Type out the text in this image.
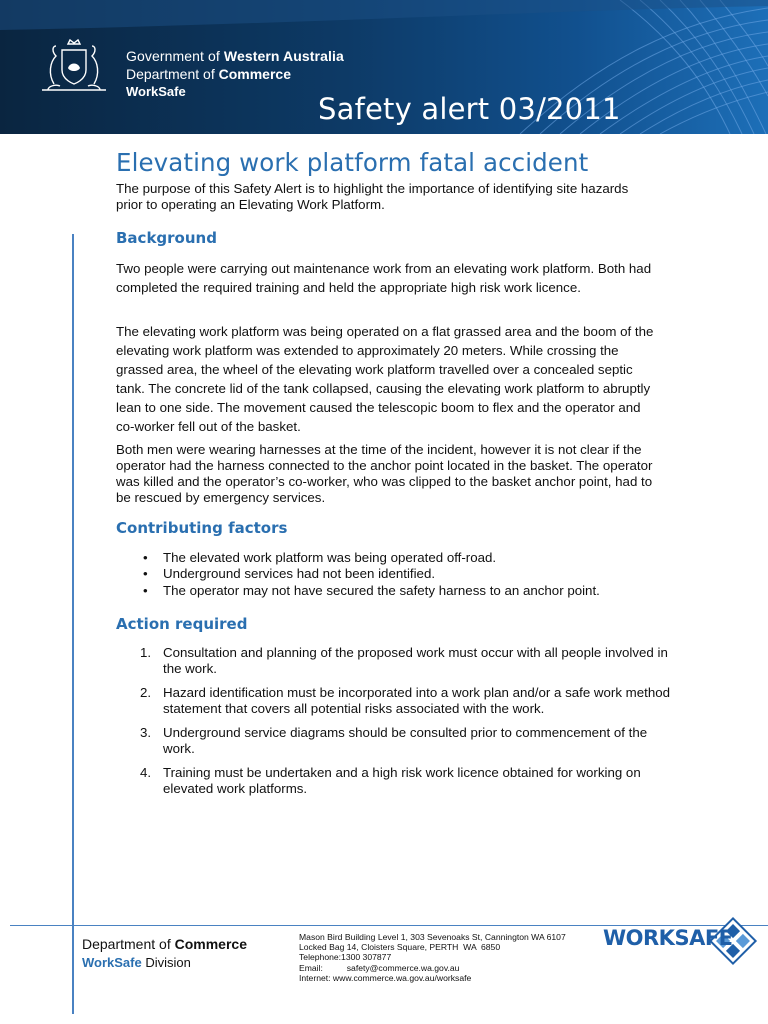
Government of Western Australia
Department of Commerce
WorkSafe
Safety alert 03/2011
Elevating work platform fatal accident

The purpose of this Safety Alert is to highlight the importance of identifying site hazards prior to operating an Elevating Work Platform.

Background

Two people were carrying out maintenance work from an elevating work platform. Both had completed the required training and held the appropriate high risk work licence.

The elevating work platform was being operated on a flat grassed area and the boom of the elevating work platform was extended to approximately 20 meters. While crossing the grassed area, the wheel of the elevating work platform travelled over a concealed septic tank. The concrete lid of the tank collapsed, causing the elevating work platform to abruptly lean to one side. The movement caused the telescopic boom to flex and the operator and co-worker fell out of the basket.

Both men were wearing harnesses at the time of the incident, however it is not clear if the operator had the harness connected to the anchor point located in the basket. The operator was killed and the operator’s co-worker, who was clipped to the basket anchor point, had to be rescued by emergency services.

Contributing factors
• The elevated work platform was being operated off-road.
• Underground services had not been identified.
• The operator may not have secured the safety harness to an anchor point.
Action required
1. Consultation and planning of the proposed work must occur with all people involved in the work.
2. Hazard identification must be incorporated into a work plan and/or a safe work method statement that covers all potential risks associated with the work.
3. Underground service diagrams should be consulted prior to commencement of the work.
4. Training must be undertaken and a high risk work licence obtained for working on elevated work platforms.
Department of Commerce
WorkSafe Division
Mason Bird Building Level 1, 303 Sevenoaks St, Cannington WA 6107
Locked Bag 14, Cloisters Square, PERTH  WA  6850
Telephone:1300 307877
Email:          safety@commerce.wa.gov.au
Internet: www.commerce.wa.gov.au/worksafe
WORKSAFE
